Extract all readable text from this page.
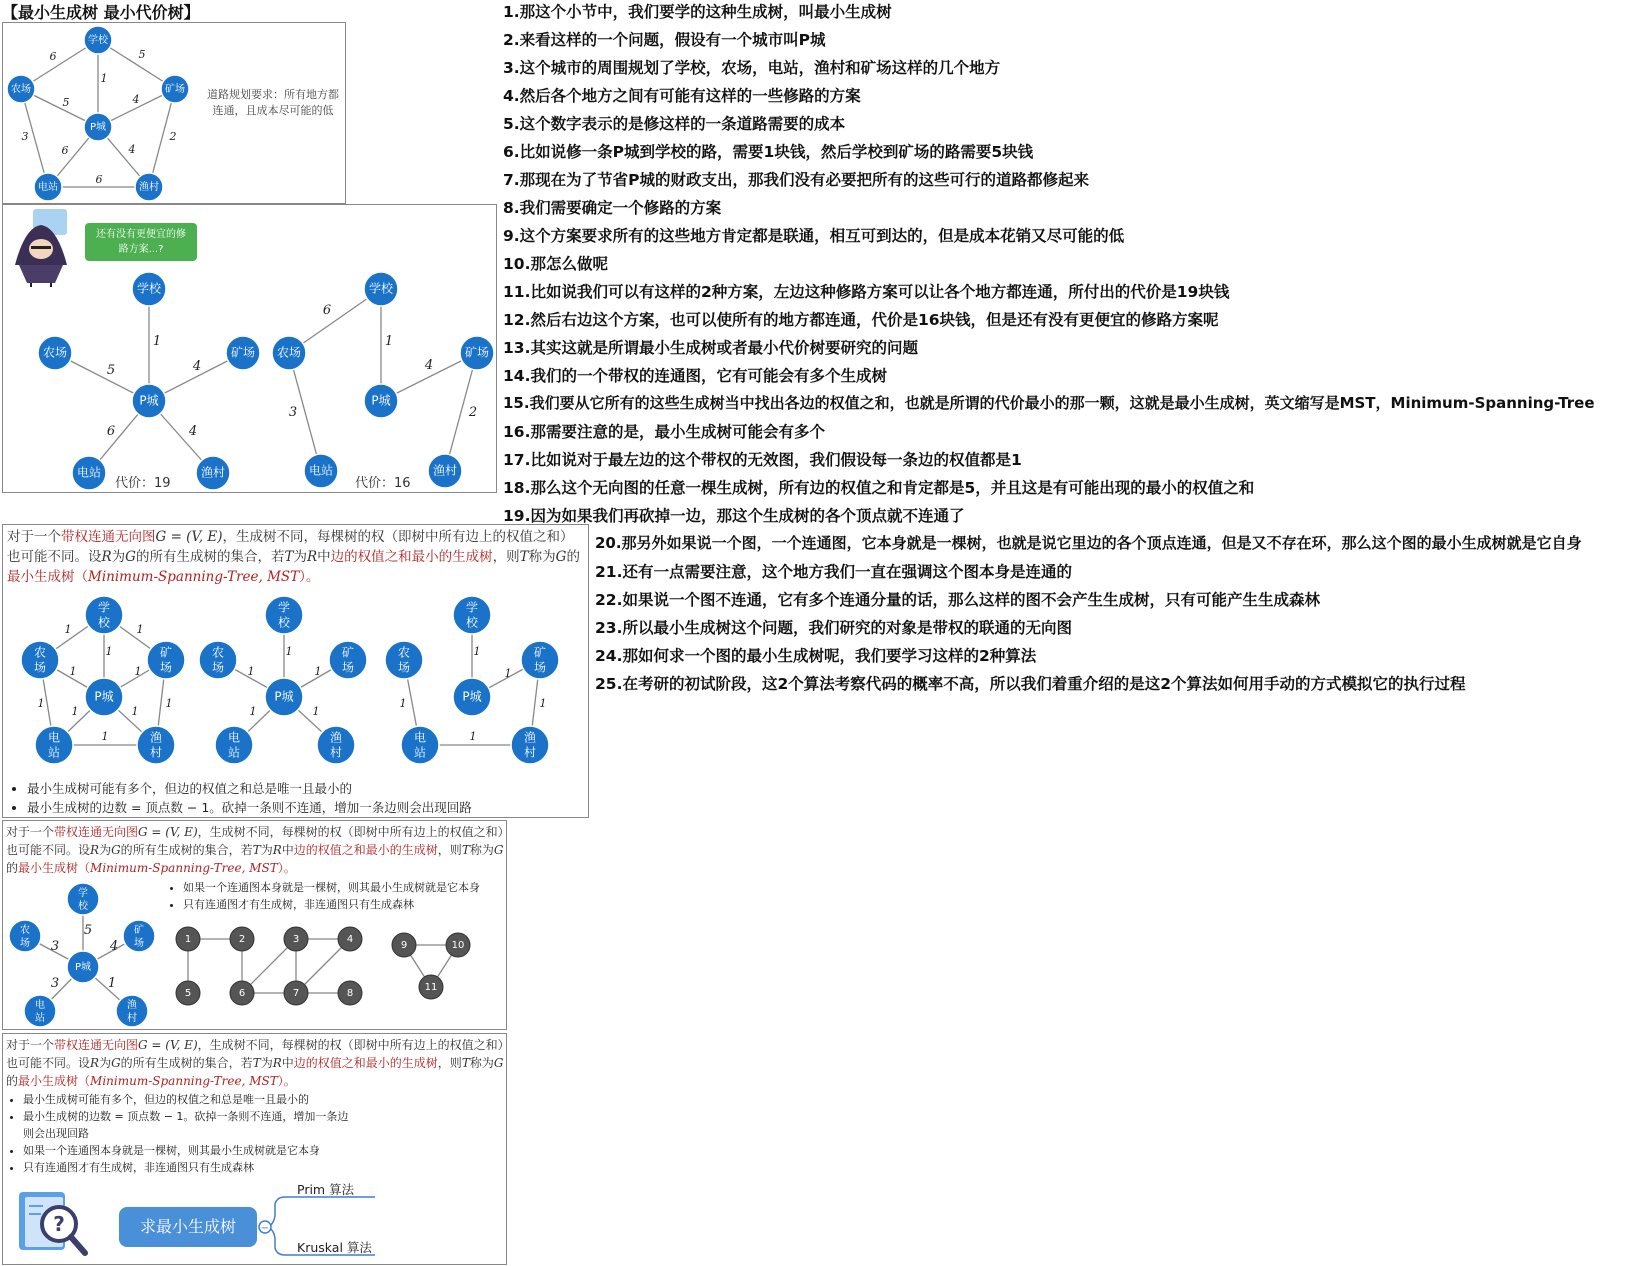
【最小生成树 最小代价树】
6	5
1
5	4
3
6	4
2
6
学校
农场	矿场
P城
电站	渔村
道路规划要求：所有地方都连通，且成本尽可能的低
1
5	4
6	4
学校
农场	矿场
P城
电站	渔村
6
1
4
3	2
学校
农场	矿场
P城
电站	渔村
还有没有更便宜的修路方案...?
代价：19	代价：16
对于一个带权连通无向图G = (V, E)，生成树不同，每棵树的权（即树中所有边上的权值之和）也可能不同。设R为G的所有生成树的集合，若T为R中边的权值之和最小的生成树，则T称为G的最小生成树（Minimum-Spanning-Tree, MST）。
1	1
1
1	1
1
1	1
1
1
1
1	1
1	1
1
1
1
1
1
学
校
农
场
矿
场
P城
电
站
渔
村
学
校
农
场
矿
场
P城
电
站
渔
村
学
校
农
场
矿
场
P城
电
站
渔
村
• 最小生成树可能有多个，但边的权值之和总是唯一且最小的
• 最小生成树的边数 = 顶点数 − 1。砍掉一条则不连通，增加一条边则会出现回路
对于一个带权连通无向图G = (V, E)，生成树不同，每棵树的权（即树中所有边上的权值之和）也可能不同。设R为G的所有生成树的集合，若T为R中边的权值之和最小的生成树，则T称为G的最小生成树（Minimum-Spanning-Tree, MST）。
5
3	4
3	1
学
校
农
场
矿
场
P城
电
站
渔
村
1	2	3	4
5	6	7	8
9	10
11
• 如果一个连通图本身就是一棵树，则其最小生成树就是它本身
• 只有连通图才有生成树，非连通图只有生成森林
对于一个带权连通无向图G = (V, E)，生成树不同，每棵树的权（即树中所有边上的权值之和）也可能不同。设R为G的所有生成树的集合，若T为R中边的权值之和最小的生成树，则T称为G的最小生成树（Minimum-Spanning-Tree, MST）。
• 最小生成树可能有多个，但边的权值之和总是唯一且最小的
• 最小生成树的边数 = 顶点数 − 1。砍掉一条则不连通，增加一条边则会出现回路
• 如果一个连通图本身就是一棵树，则其最小生成树就是它本身
• 只有连通图才有生成树，非连通图只有生成森林
?	−
求最小生成树
Prim 算法
Kruskal 算法
1.那这个小节中，我们要学的这种生成树，叫最小生成树
2.来看这样的一个问题，假设有一个城市叫P城
3.这个城市的周围规划了学校，农场，电站，渔村和矿场这样的几个地方
4.然后各个地方之间有可能有这样的一些修路的方案
5.这个数字表示的是修这样的一条道路需要的成本
6.比如说修一条P城到学校的路，需要1块钱，然后学校到矿场的路需要5块钱
7.那现在为了节省P城的财政支出，那我们没有必要把所有的这些可行的道路都修起来
8.我们需要确定一个修路的方案
9.这个方案要求所有的这些地方肯定都是联通，相互可到达的，但是成本花销又尽可能的低
10.那怎么做呢
11.比如说我们可以有这样的2种方案，左边这种修路方案可以让各个地方都连通，所付出的代价是19块钱
12.然后右边这个方案，也可以使所有的地方都连通，代价是16块钱，但是还有没有更便宜的修路方案呢
13.其实这就是所谓最小生成树或者最小代价树要研究的问题
14.我们的一个带权的连通图，它有可能会有多个生成树
15.我们要从它所有的这些生成树当中找出各边的权值之和，也就是所谓的代价最小的那一颗，这就是最小生成树，英文缩写是MST，Minimum-Spanning-Tree
16.那需要注意的是，最小生成树可能会有多个
17.比如说对于最左边的这个带权的无效图，我们假设每一条边的权值都是1
18.那么这个无向图的任意一棵生成树，所有边的权值之和肯定都是5，并且这是有可能出现的最小的权值之和
19.因为如果我们再砍掉一边，那这个生成树的各个顶点就不连通了
20.那另外如果说一个图，一个连通图，它本身就是一棵树，也就是说它里边的各个顶点连通，但是又不存在环，那么这个图的最小生成树就是它自身
21.还有一点需要注意，这个地方我们一直在强调这个图本身是连通的
22.如果说一个图不连通，它有多个连通分量的话，那么这样的图不会产生生成树，只有可能产生生成森林
23.所以最小生成树这个问题，我们研究的对象是带权的联通的无向图
24.那如何求一个图的最小生成树呢，我们要学习这样的2种算法
25.在考研的初试阶段，这2个算法考察代码的概率不高，所以我们着重介绍的是这2个算法如何用手动的方式模拟它的执行过程
